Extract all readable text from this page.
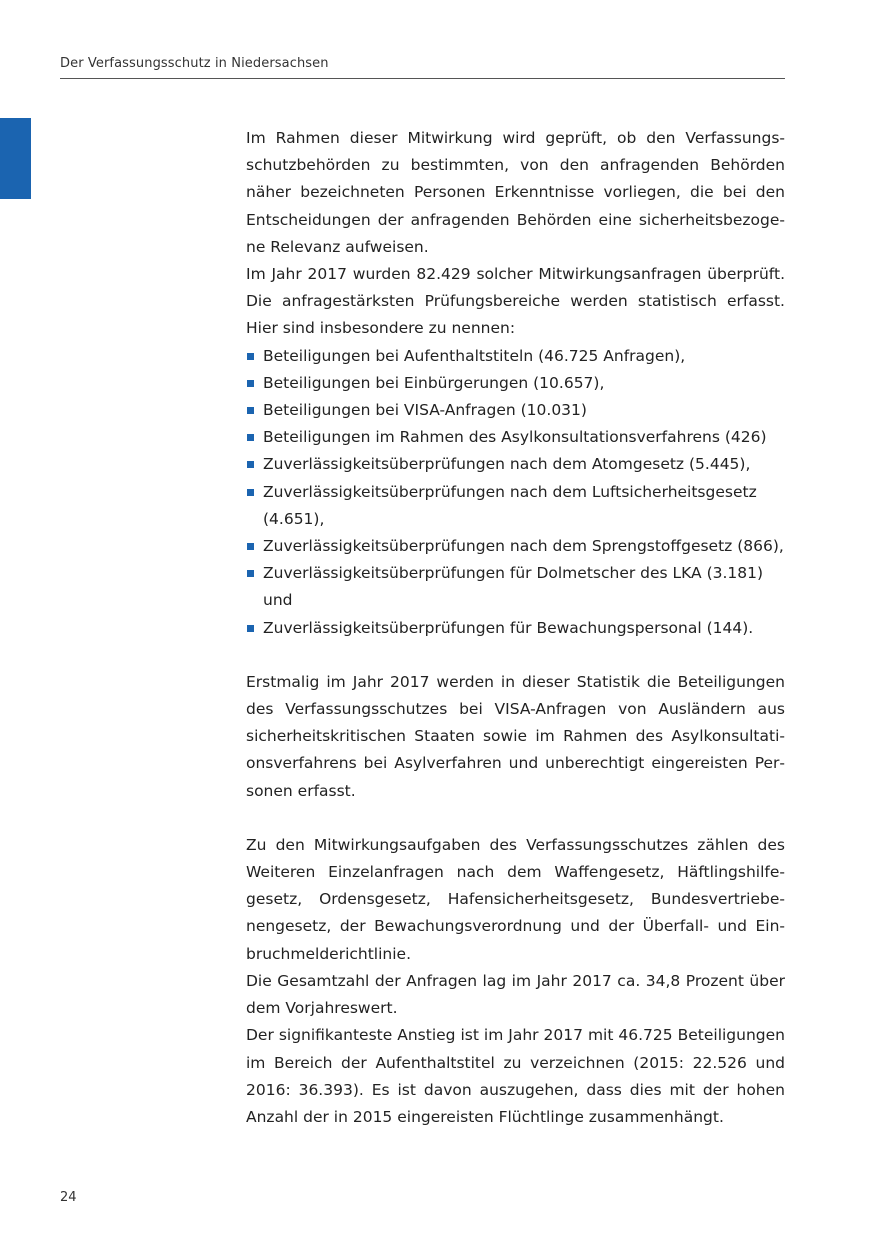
Der Verfassungsschutz in Niedersachsen

Im Rahmen dieser Mitwirkung wird geprüft, ob den Verfassungsschutzbehörden zu bestimmten, von den anfragenden Behörden näher bezeichneten Personen Erkenntnisse vorliegen, die bei den Entscheidungen der anfragenden Behörden eine sicherheitsbezogene Relevanz aufweisen.

Im Jahr 2017 wurden 82.429 solcher Mitwirkungsanfragen überprüft. Die anfragestärksten Prüfungsbereiche werden statistisch erfasst. Hier sind insbesondere zu nennen:

Beteiligungen bei Aufenthaltstiteln (46.725 Anfragen),
Beteiligungen bei Einbürgerungen (10.657),
Beteiligungen bei VISA-Anfragen (10.031)
Beteiligungen im Rahmen des Asylkonsultationsverfahrens (426)
Zuverlässigkeitsüberprüfungen nach dem Atomgesetz (5.445),
Zuverlässigkeitsüberprüfungen nach dem Luftsicherheitsgesetz (4.651),
Zuverlässigkeitsüberprüfungen nach dem Sprengstoffgesetz (866),
Zuverlässigkeitsüberprüfungen für Dolmetscher des LKA (3.181) und
Zuverlässigkeitsüberprüfungen für Bewachungspersonal (144).

Erstmalig im Jahr 2017 werden in dieser Statistik die Beteiligungen des Verfassungsschutzes bei VISA-Anfragen von Ausländern aus sicherheitskritischen Staaten sowie im Rahmen des Asylkonsultationsverfahrens bei Asylverfahren und unberechtigt eingereisten Personen erfasst.

Zu den Mitwirkungsaufgaben des Verfassungsschutzes zählen des Weiteren Einzelanfragen nach dem Waffengesetz, Häftlingshilfegesetz, Ordensgesetz, Hafensicherheitsgesetz, Bundesvertriebenengesetz, der Bewachungsverordnung und der Überfall- und Einbruchmelderichtlinie.

Die Gesamtzahl der Anfragen lag im Jahr 2017 ca. 34,8 Prozent über dem Vorjahreswert.

Der signifikanteste Anstieg ist im Jahr 2017 mit 46.725 Beteiligungen im Bereich der Aufenthaltstitel zu verzeichnen (2015: 22.526 und 2016: 36.393). Es ist davon auszugehen, dass dies mit der hohen Anzahl der in 2015 eingereisten Flüchtlinge zusammenhängt.

24
